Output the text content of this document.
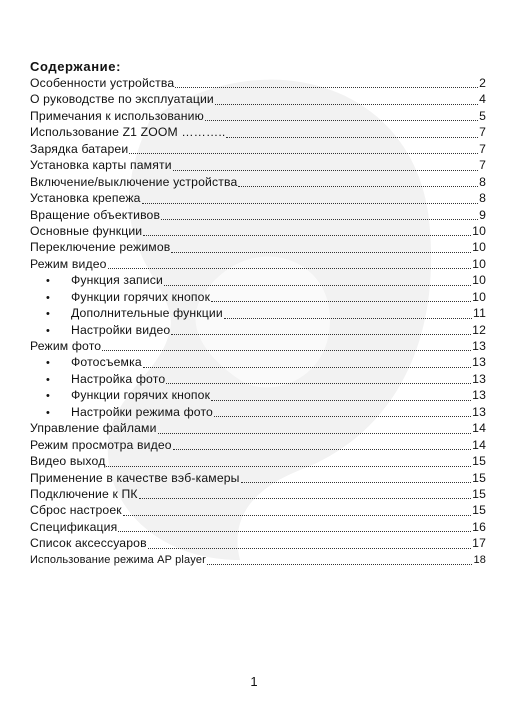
Содержание:
Особенности устройства	2
О руководстве по эксплуатации	4
Примечания к использованию	5
Использование Z1 ZOOM ………..	7
Зарядка батареи	7
Установка карты памяти	7
Включение/выключение устройства	8
Установка крепежа	8
Вращение объективов	9
Основные функции	10
Переключение режимов	10
Режим видео	10
• Функция записи	10
• Функции горячих кнопок	10
• Дополнительные функции	11
• Настройки видео	12
Режим фото	13
• Фотосъемка	13
• Настройка фото	13
• Функции горячих кнопок	13
• Настройки режима фото	13
Управление файлами	14
Режим просмотра видео	14
Видео выход	15
Применение в качестве вэб-камеры	15
Подключение к ПК	15
Сброс настроек	15
Спецификация	16
Список аксессуаров	17
Использование режима AP player	18
1
